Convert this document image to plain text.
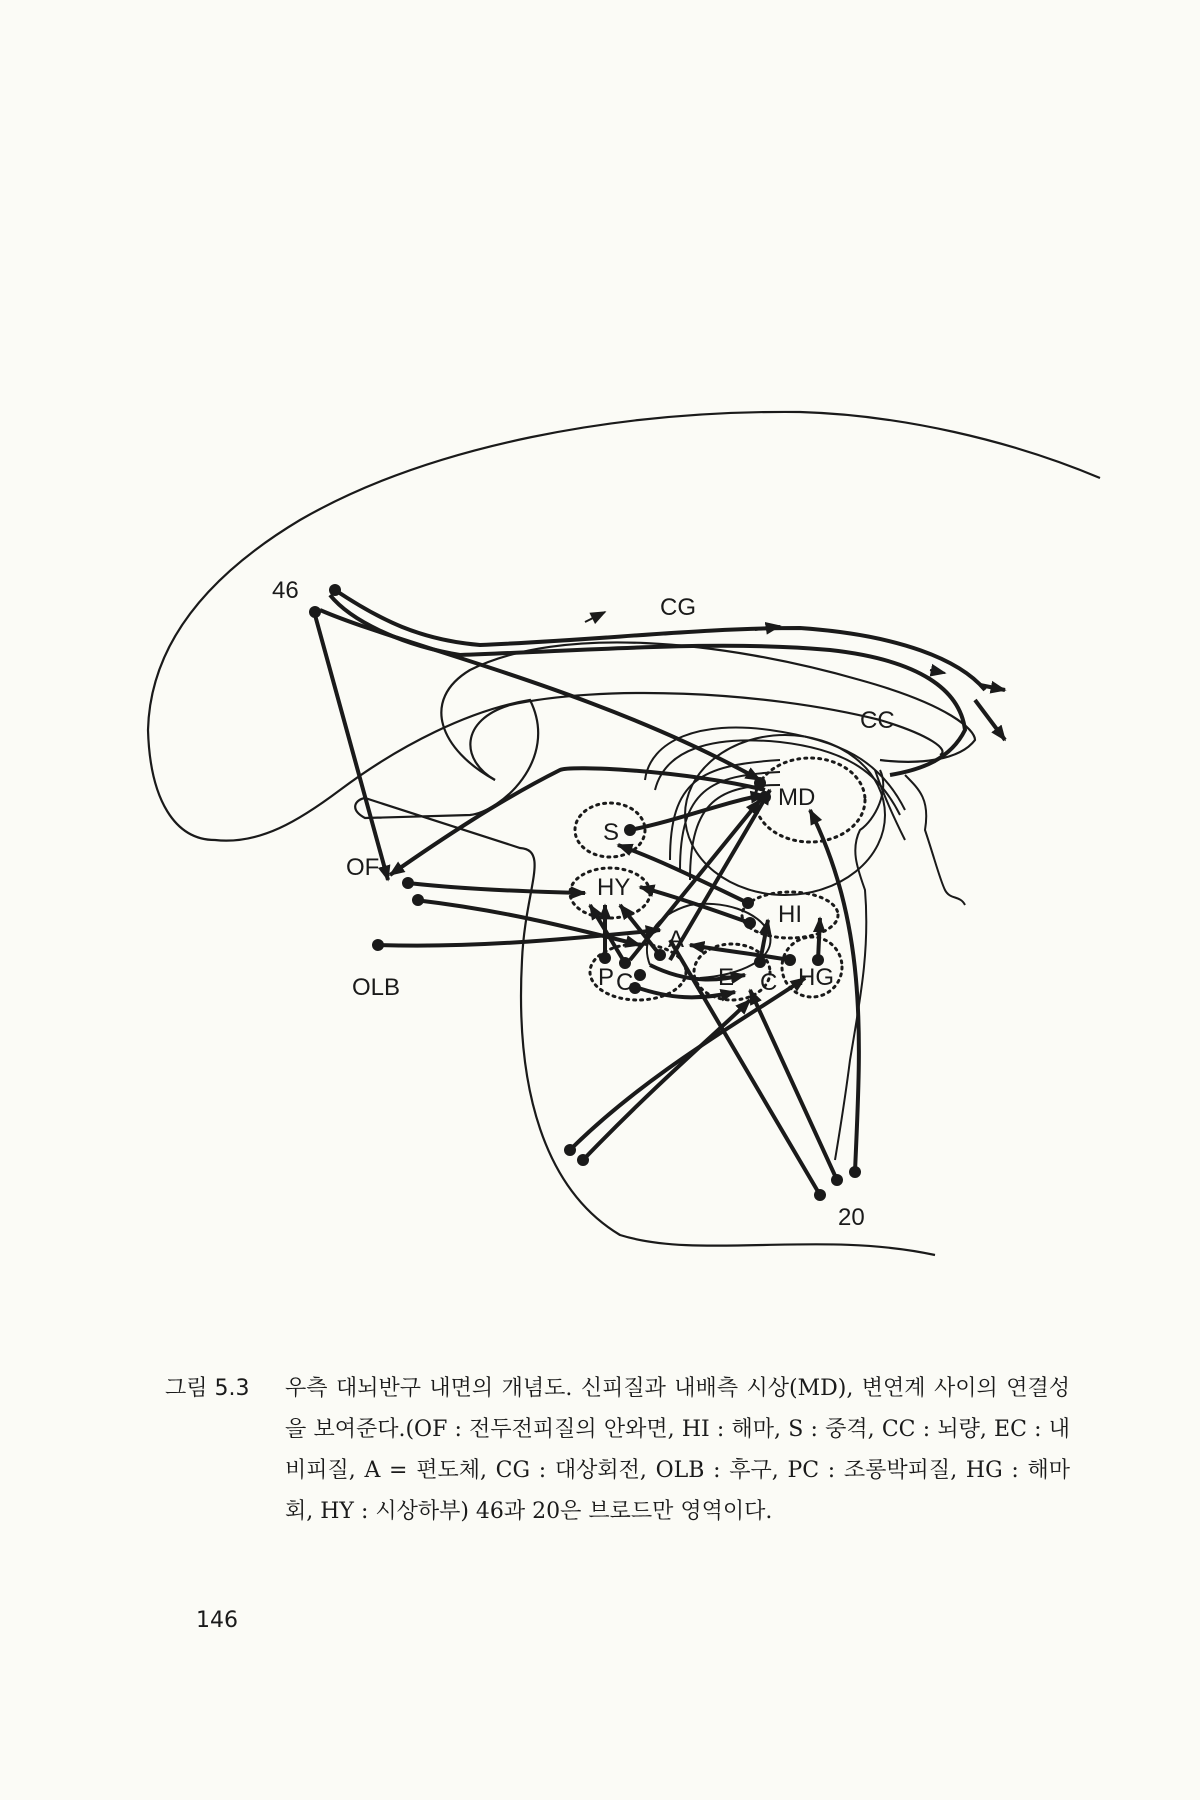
46
CG
CC
MD
S
OF
HY
HI
A
OLB	P C	E C HG
20
그림 5.3	우측 대뇌반구 내면의 개념도. 신피질과 내배측 시상(MD), 변연계 사이의 연결성을 보여준다.(OF : 전두전피질의 안와면, HI : 해마, S : 중격, CC : 뇌량, EC : 내비피질, A = 편도체, CG : 대상회전, OLB : 후구, PC : 조롱박피질, HG : 해마회, HY : 시상하부) 46과 20은 브로드만 영역이다.
146
